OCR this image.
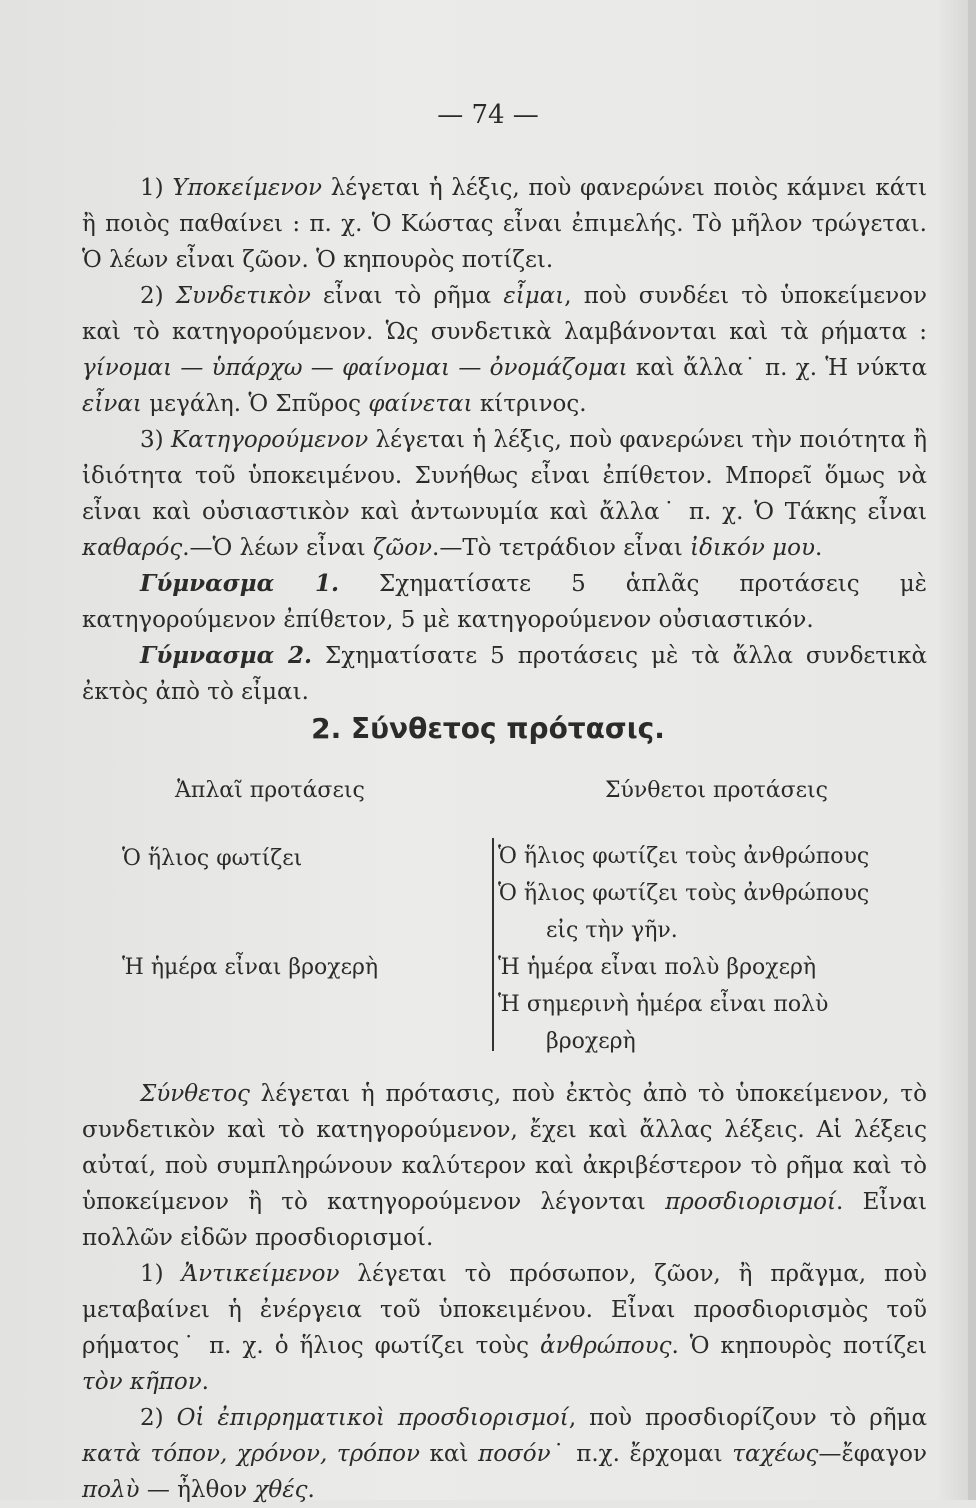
— 74 —

1) Υποκείμενον λέγεται ἡ λέξις, ποὺ φανερώνει ποιὸς κάμνει κάτι ἢ ποιὸς παθαίνει : π. χ. Ὁ Κώστας εἶναι ἐπιμελής. Τὸ μῆλον τρώγεται. Ὁ λέων εἶναι ζῶον. Ὁ κηπουρὸς ποτίζει.

2) Συνδετικὸν εἶναι τὸ ρῆμα εἶμαι, ποὺ συνδέει τὸ ὑποκείμενον καὶ τὸ κατηγορούμενον. Ὡς συνδετικὰ λαμβάνονται καὶ τὰ ρήματα : γίνομαι — ὑπάρχω — φαίνομαι — ὀνομάζομαι καὶ ἄλλα˙ π. χ. Ἡ νύκτα εἶναι μεγάλη. Ὁ Σπῦρος φαίνεται κίτρινος.

3) Κατηγορούμενον λέγεται ἡ λέξις, ποὺ φανερώνει τὴν ποιότητα ἢ ἰδιότητα τοῦ ὑποκειμένου. Συνήθως εἶναι ἐπίθετον. Μπορεῖ ὅμως νὰ εἶναι καὶ οὐσιαστικὸν καὶ ἀντωνυμία καὶ ἄλλα˙ π. χ. Ὁ Τάκης εἶναι καθαρός.—Ὁ λέων εἶναι ζῶον.—Τὸ τετράδιον εἶναι ἰδικόν μου.

Γύμνασμα 1. Σχηματίσατε 5 ἁπλᾶς προτάσεις μὲ κατηγορούμενον ἐπίθετον, 5 μὲ κατηγορούμενον οὐσιαστικόν.

Γύμνασμα 2. Σχηματίσατε 5 προτάσεις μὲ τὰ ἄλλα συνδετικὰ ἐκτὸς ἀπὸ τὸ εἶμαι.

2. Σύνθετος πρότασις.
Ἁπλαῖ προτάσεις	Σύνθετοι προτάσεις
Ὁ ἥλιος φωτίζει
Ἡ ἡμέρα εἶναι βροχερὴ
Ὁ ἥλιος φωτίζει τοὺς ἀνθρώπους
Ὁ ἥλιος φωτίζει τοὺς ἀνθρώπους
εἰς τὴν γῆν.
Ἡ ἡμέρα εἶναι πολὺ βροχερὴ
Ἡ σημερινὴ ἡμέρα εἶναι πολὺ
βροχερὴ

Σύνθετος λέγεται ἡ πρότασις, ποὺ ἐκτὸς ἀπὸ τὸ ὑποκείμενον, τὸ συνδετικὸν καὶ τὸ κατηγορούμενον, ἔχει καὶ ἄλλας λέξεις. Αἱ λέξεις αὐταί, ποὺ συμπληρώνουν καλύτερον καὶ ἀκριβέστερον τὸ ρῆμα καὶ τὸ ὑποκείμενον ἢ τὸ κατηγορούμενον λέγονται προσδιορισμοί. Εἶναι πολλῶν εἰδῶν προσδιορισμοί.

1) Ἀντικείμενον λέγεται τὸ πρόσωπον, ζῶον, ἢ πρᾶγμα, ποὺ μεταβαίνει ἡ ἐνέργεια τοῦ ὑποκειμένου. Εἶναι προσδιορισμὸς τοῦ ρήματος˙ π. χ. ὁ ἥλιος φωτίζει τοὺς ἀνθρώπους. Ὁ κηπουρὸς ποτίζει τὸν κῆπον.

2) Οἱ ἐπιρρηματικοὶ προσδιορισμοί, ποὺ προσδιορίζουν τὸ ρῆμα κατὰ τόπον, χρόνον, τρόπον καὶ ποσόν˙ π.χ. ἔρχομαι ταχέως—ἔφαγον πολὺ — ἦλθον χθές.
